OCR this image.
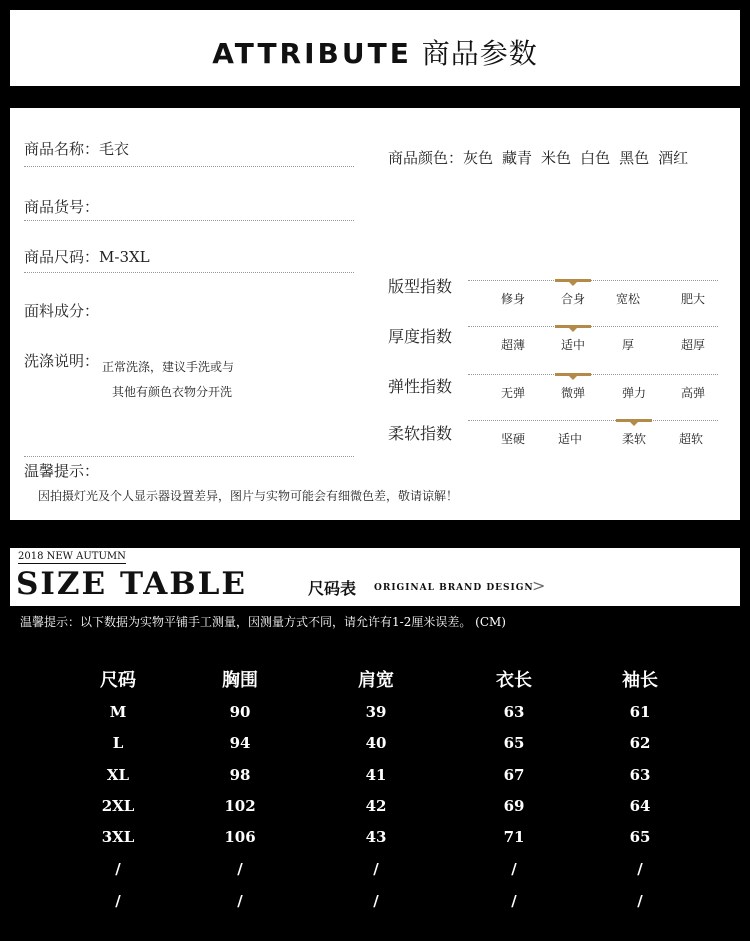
ATTRIBUTE 商品参数
商品名称：毛衣
商品货号：
商品尺码：M-3XL
面料成分：
洗涤说明： 正常洗涤，建议手洗或与
其他有颜色衣物分开洗
商品颜色：灰色 藏青 米色 白色 黑色 酒红
版型指数
修身	合身	宽松	肥大
厚度指数	超薄	适中	厚	超厚
弹性指数	无弹	微弹	弹力	高弹
柔软指数	坚硬	适中	柔软	超软
温馨提示：
因拍摄灯光及个人显示器设置差异，图片与实物可能会有细微色差，敬请谅解！
2018 NEW AUTUMN
SIZE TABLE	尺码表 ORIGINAL BRAND DESIGN
>
温馨提示：以下数据为实物平铺手工测量，因测量方式不同，请允许有1-2厘米误差。 (CM)
尺码	胸围	肩宽	衣长	袖长
M	90	39	63	61
L	94	40	65	62
XL	98	41	67	63
2XL	102	42	69	64
3XL	106	43	71	65
/	/	/	/	/
/	/	/	/	/
